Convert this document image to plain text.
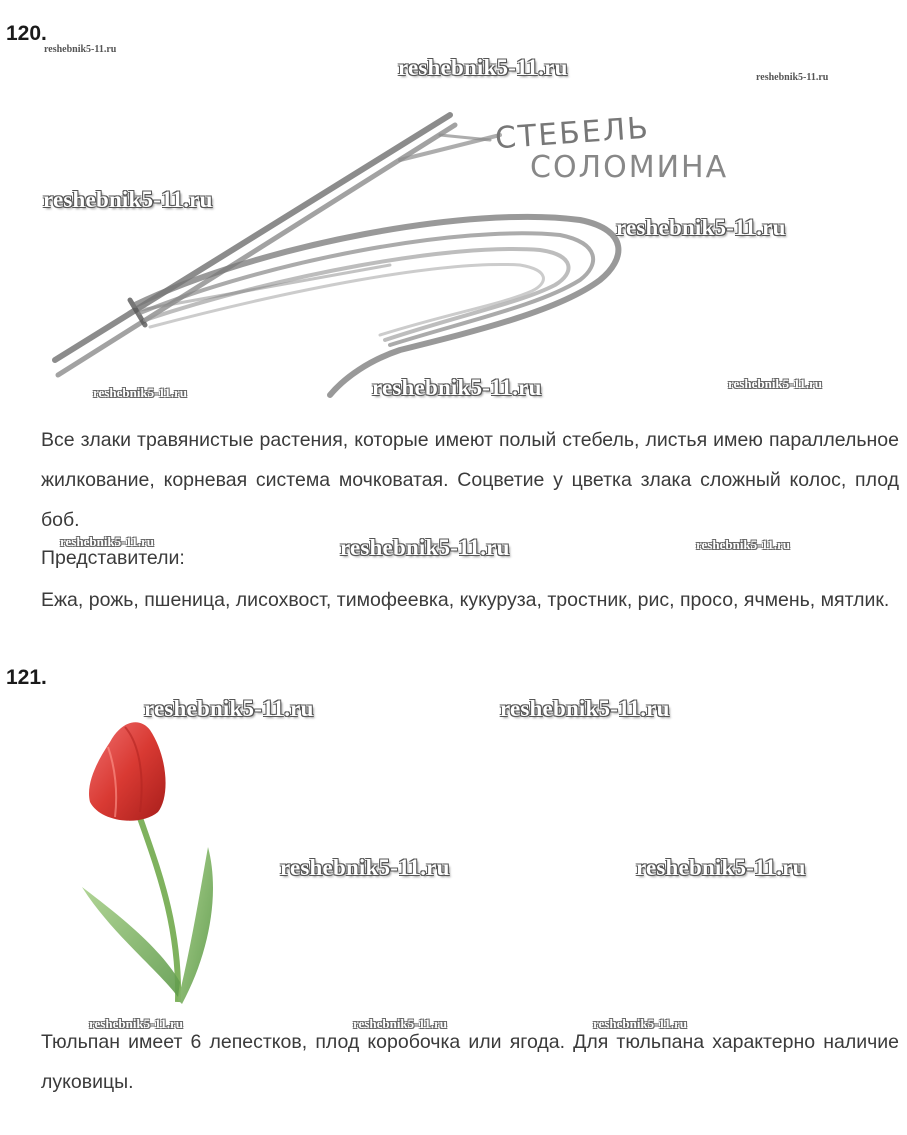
120.
СТЕБЕЛЬ
СОЛОМИНА
Все злаки травянистые растения, которые имеют полый стебель, листья имею параллельное жилкование, корневая система мочковатая. Соцветие у цветка злака сложный колос, плод боб.
Представители:
Ежа, рожь, пшеница, лисохвост, тимофеевка, кукуруза, тростник, рис, просо, ячмень, мятлик.
121.
Тюльпан имеет 6 лепестков, плод коробочка или ягода. Для тюльпана характерно наличие луковицы.
reshebnik5-11.ru
reshebnik5-11.ru	reshebnik5-11.ru
reshebnik5-11.ru
reshebnik5-11.ru
reshebnik5-11.ru	reshebnik5-11.ru	reshebnik5-11.ru
reshebnik5-11.ru	reshebnik5-11.ru	reshebnik5-11.ru
reshebnik5-11.ru	reshebnik5-11.ru
reshebnik5-11.ru	reshebnik5-11.ru
reshebnik5-11.ru	reshebnik5-11.ru	reshebnik5-11.ru
